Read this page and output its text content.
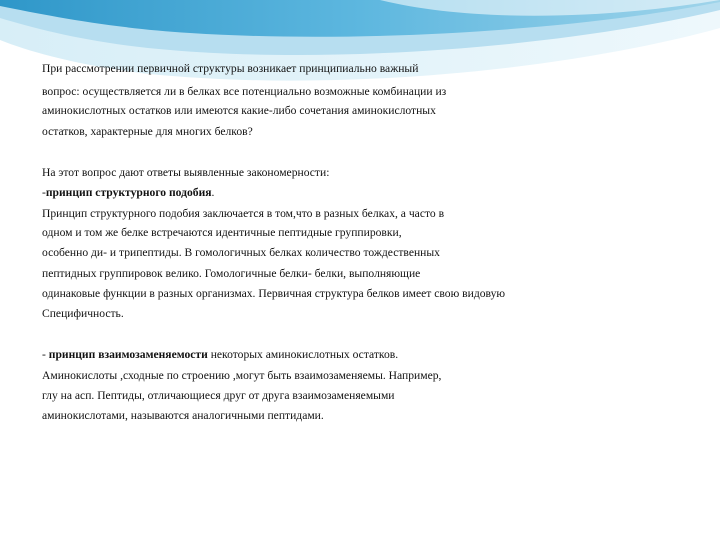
При рассмотрении первичной структуры возникает принципиально важный
вопрос: осуществляется ли в белках все потенциально возможные комбинации из
аминокислотных остатков или имеются какие-либо сочетания аминокислотных
остатков, характерные для многих белков?
На этот вопрос дают ответы выявленные закономерности:
-принцип структурного подобия.
Принцип структурного подобия заключается в том,что в разных белках, а часто в
одном и том же белке встречаются идентичные пептидные группировки,
особенно ди- и трипептиды. В гомологичных белках количество тождественных
пептидных группировок велико. Гомологичные белки- белки, выполняющие
одинаковые функции в разных организмах. Первичная структура белков имеет свою видовую
Специфичность.
- принцип взаимозаменяемости некоторых аминокислотных остатков.
Аминокислоты ,сходные по строению ,могут быть взаимозаменяемы. Например,
глу на асп. Пептиды, отличающиеся друг от друга взаимозаменяемыми
аминокислотами, называются аналогичными пептидами.
